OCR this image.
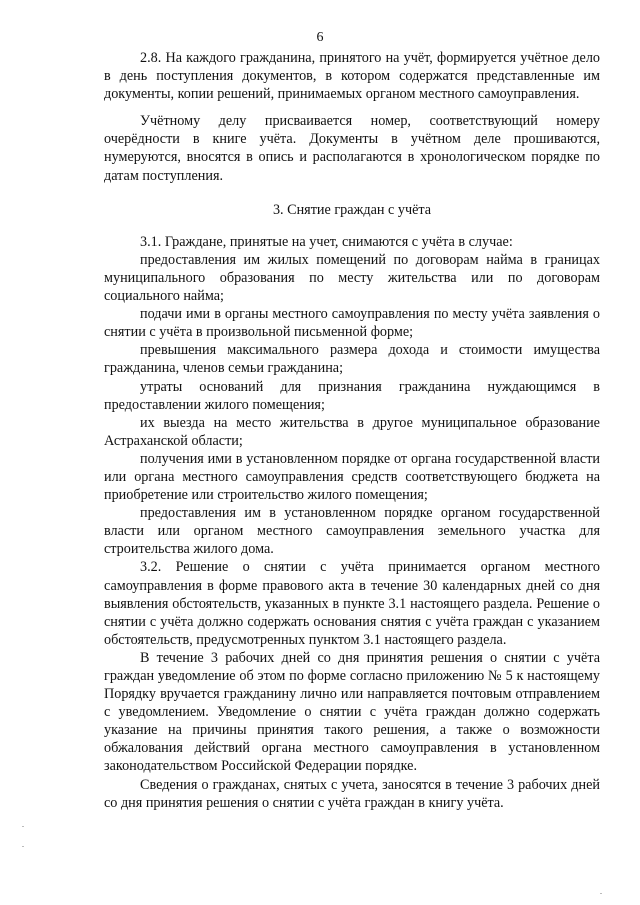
6

2.8. На каждого гражданина, принятого на учёт, формируется учётное дело в день поступления документов, в котором содержатся представленные им документы, копии решений, принимаемых органом местного самоуправления.

Учётному делу присваивается номер, соответствующий номеру очерёдности в книге учёта. Документы в учётном деле прошиваются, нумеруются, вносятся в опись и располагаются в хронологическом порядке по датам поступления.

3. Снятие граждан с учёта

3.1. Граждане, принятые на учет, снимаются с учёта в случае:

предоставления им жилых помещений по договорам найма в границах муниципального образования по месту жительства или по договорам социального найма;

подачи ими в органы местного самоуправления по месту учёта заявления о снятии с учёта в произвольной письменной форме;

превышения максимального размера дохода и стоимости имущества гражданина, членов семьи гражданина;

утраты оснований для признания гражданина нуждающимся в предоставлении жилого помещения;

их выезда на место жительства в другое муниципальное образование Астраханской области;

получения ими в установленном порядке от органа государственной власти или органа местного самоуправления средств соответствующего бюджета на приобретение или строительство жилого помещения;

предоставления им в установленном порядке органом государственной власти или органом местного самоуправления земельного участка для строительства жилого дома.

3.2. Решение о снятии с учёта принимается органом местного самоуправления в форме правового акта в течение 30 календарных дней со дня выявления обстоятельств, указанных в пункте 3.1 настоящего раздела. Решение о снятии с учёта должно содержать основания снятия с учёта граждан с указанием обстоятельств, предусмотренных пунктом 3.1 настоящего раздела.

В течение 3 рабочих дней со дня принятия решения о снятии с учёта граждан уведомление об этом по форме согласно приложению № 5 к настоящему Порядку вручается гражданину лично или направляется почтовым отправлением с уведомлением. Уведомление о снятии с учёта граждан должно содержать указание на причины принятия такого решения, а также о возможности обжалования действий органа местного самоуправления в установленном законодательством Российской Федерации порядке.

Сведения о гражданах, снятых с учета, заносятся в течение 3 рабочих дней со дня принятия решения о снятии с учёта граждан в книгу учёта.
